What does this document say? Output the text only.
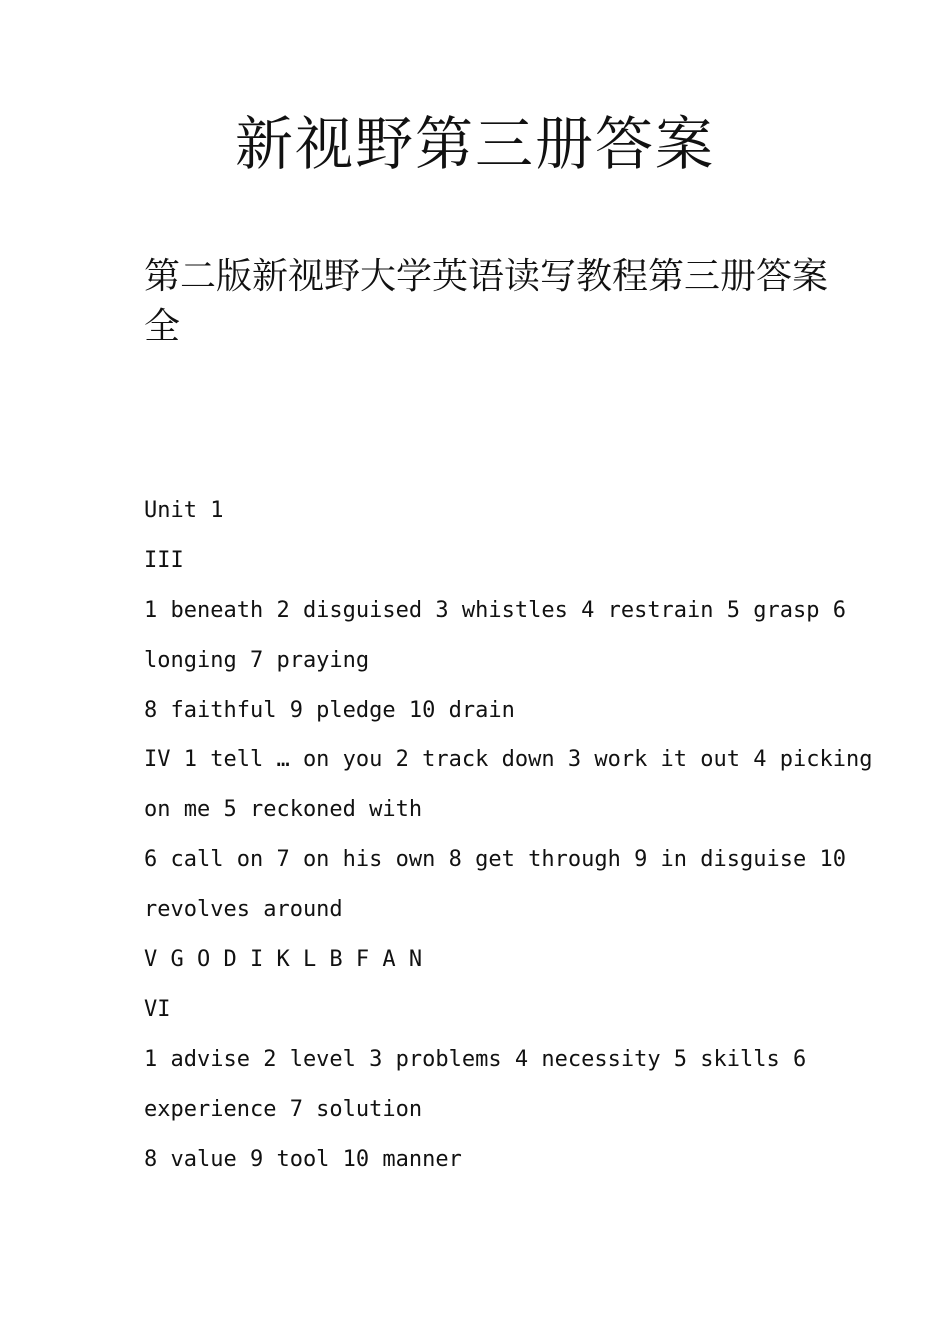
新视野第三册答案
第二版新视野大学英语读写教程第三册答案
全
Unit 1
III
1 beneath 2 disguised 3 whistles 4 restrain 5 grasp 6
longing 7 praying
8 faithful 9 pledge 10 drain
IV 1 tell … on you 2 track down 3 work it out 4 picking
on me 5 reckoned with
6 call on 7 on his own 8 get through 9 in disguise 10
revolves around
V G O D I K L B F A N
VI
1 advise 2 level 3 problems 4 necessity 5 skills 6
experience 7 solution
8 value 9 tool 10 manner
